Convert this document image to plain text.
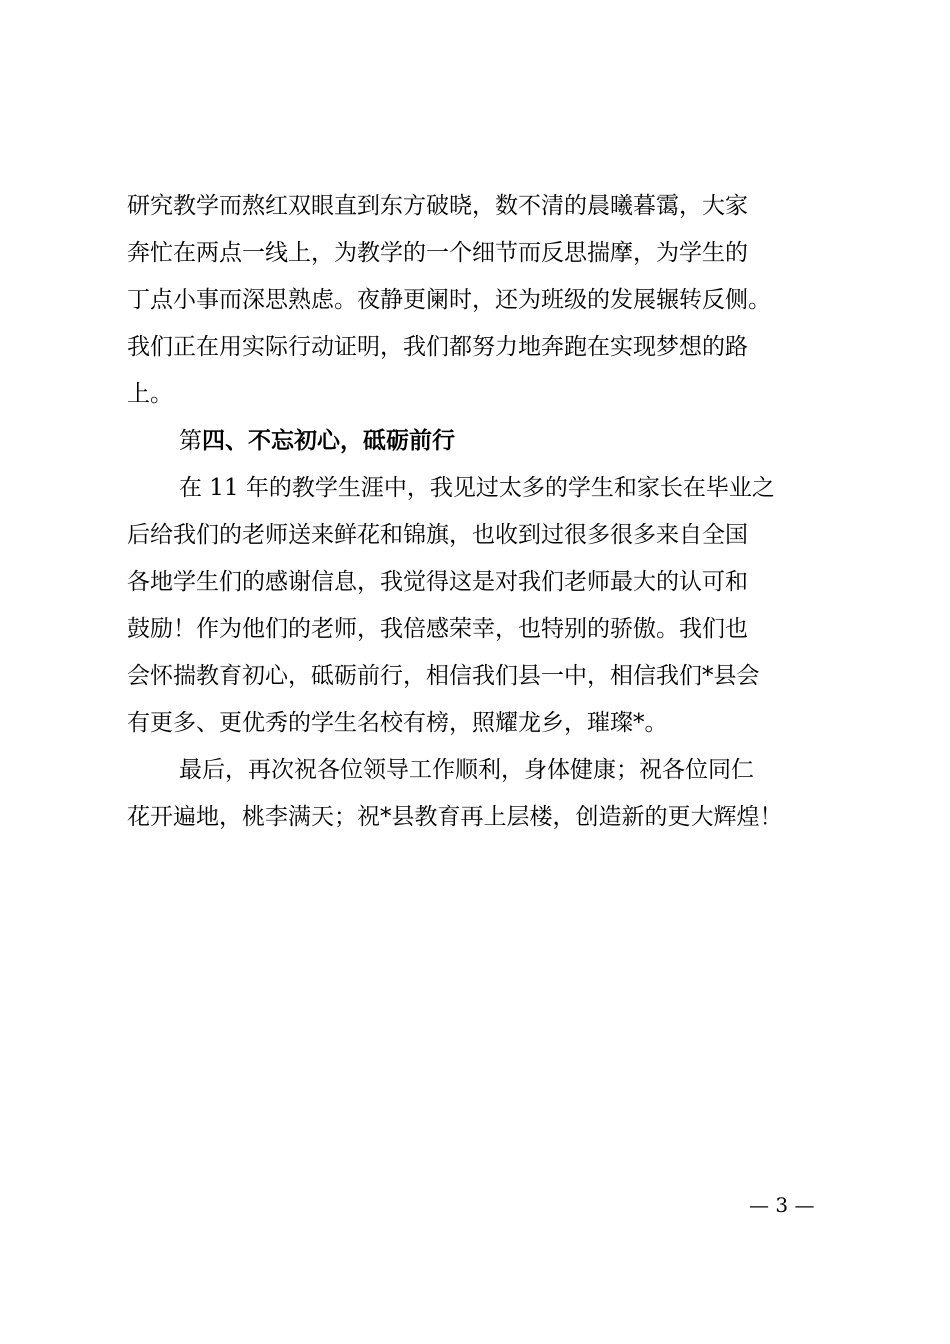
研究教学而熬红双眼直到东方破晓，数不清的晨曦暮霭，大家
奔忙在两点一线上，为教学的一个细节而反思揣摩，为学生的
丁点小事而深思熟虑。夜静更阑时，还为班级的发展辗转反侧。
我们正在用实际行动证明，我们都努力地奔跑在实现梦想的路
上。
第四、不忘初心，砥砺前行
在 11 年的教学生涯中，我见过太多的学生和家长在毕业之
后给我们的老师送来鲜花和锦旗，也收到过很多很多来自全国
各地学生们的感谢信息，我觉得这是对我们老师最大的认可和
鼓励！作为他们的老师，我倍感荣幸，也特别的骄傲。我们也
会怀揣教育初心，砥砺前行，相信我们县一中，相信我们*县会
有更多、更优秀的学生名校有榜，照耀龙乡，璀璨*。
最后，再次祝各位领导工作顺利，身体健康；祝各位同仁
花开遍地，桃李满天；祝*县教育再上层楼，创造新的更大辉煌！
— 3 —
